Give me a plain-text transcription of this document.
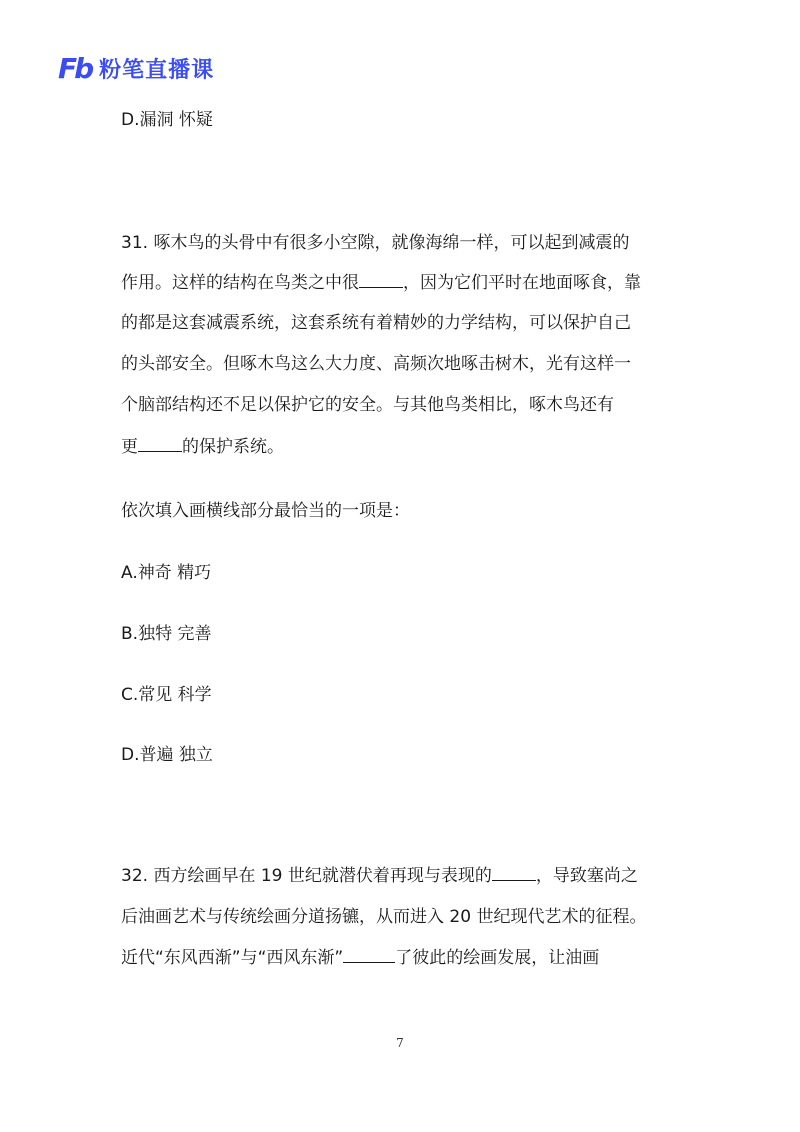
Fb 粉笔直播课
D.漏洞 怀疑
31. 啄木鸟的头骨中有很多小空隙，就像海绵一样，可以起到减震的
作用。这样的结构在鸟类之中很	，因为它们平时在地面啄食，靠
的都是这套减震系统，这套系统有着精妙的力学结构，可以保护自己
的头部安全。但啄木鸟这么大力度、高频次地啄击树木，光有这样一
个脑部结构还不足以保护它的安全。与其他鸟类相比，啄木鸟还有
更	的保护系统。
依次填入画横线部分最恰当的一项是：
A.神奇 精巧
B.独特 完善
C.常见 科学
D.普遍 独立
32. 西方绘画早在 19 世纪就潜伏着再现与表现的	，导致塞尚之
后油画艺术与传统绘画分道扬镳，从而进入 20 世纪现代艺术的征程。
近代“东风西渐”与“西风东渐”	了彼此的绘画发展，让油画
7
